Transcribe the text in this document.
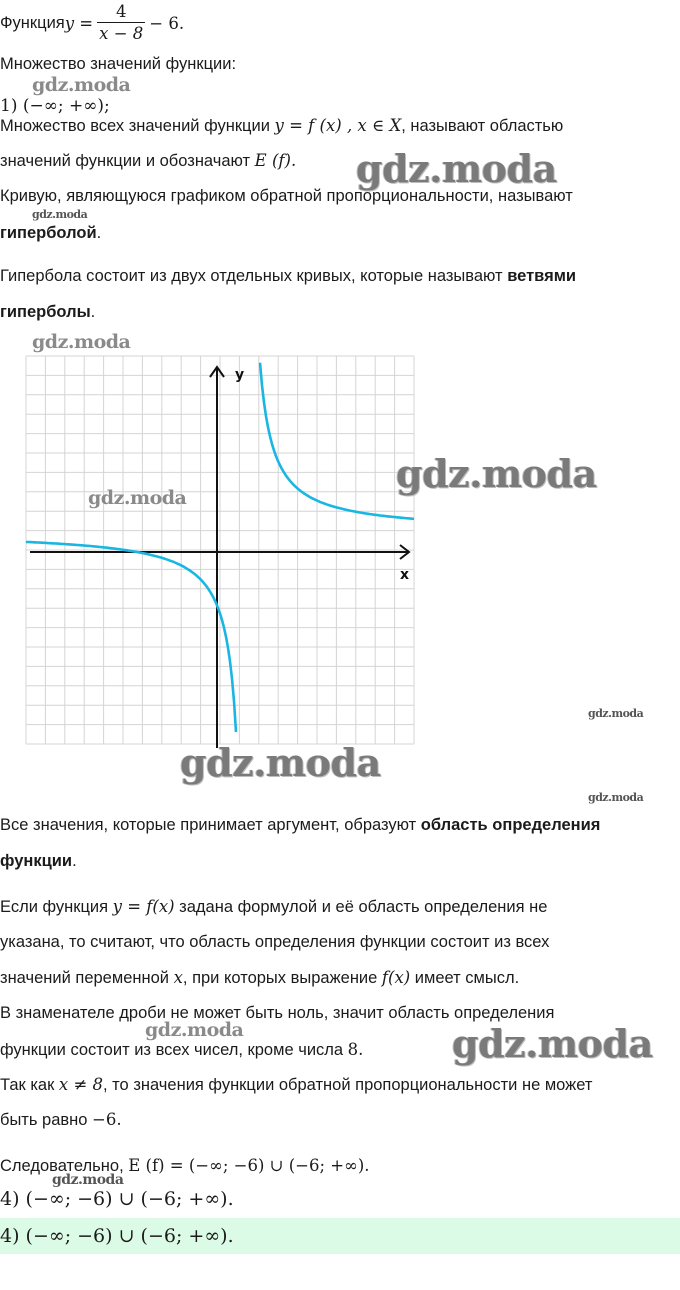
Функция $y = \frac{4}{x - 8} - 6$.
Множество значений функции:
1) (−∞; +∞);
gdz.moda
Множество всех значений функции y = f (x) , x ∈ X, называют областью
значений функции и обозначают E (f). gdz.moda
Кривую, являющуюся графиком обратной пропорциональности, называют
gdz.moda
гиперболой.
Гипербола состоит из двух отдельных кривых, которые называют ветвями
гиперболы.
gdz.moda
y
x
gdz.moda
gdz.moda
gdz.moda
gdz.moda
gdz.moda
Все значения, которые принимает аргумент, образуют область определения
функции.
Если функция y = f(x) задана формулой и её область определения не
указана, то считают, что область определения функции состоит из всех
значений переменной x, при которых выражение f(x) имеет смысл.
В знаменателе дроби не может быть ноль, значит область определения
gdz.moda
функции состоит из всех чисел, кроме числа 8. gdz.moda
Так как x ≠ 8, то значения функции обратной пропорциональности не может
быть равно −6.
Следовательно, E (f) = (−∞; −6) ∪ (−6; +∞).
gdz.moda
4) (−∞; −6) ∪ (−6; +∞).
4) (−∞; −6) ∪ (−6; +∞).
